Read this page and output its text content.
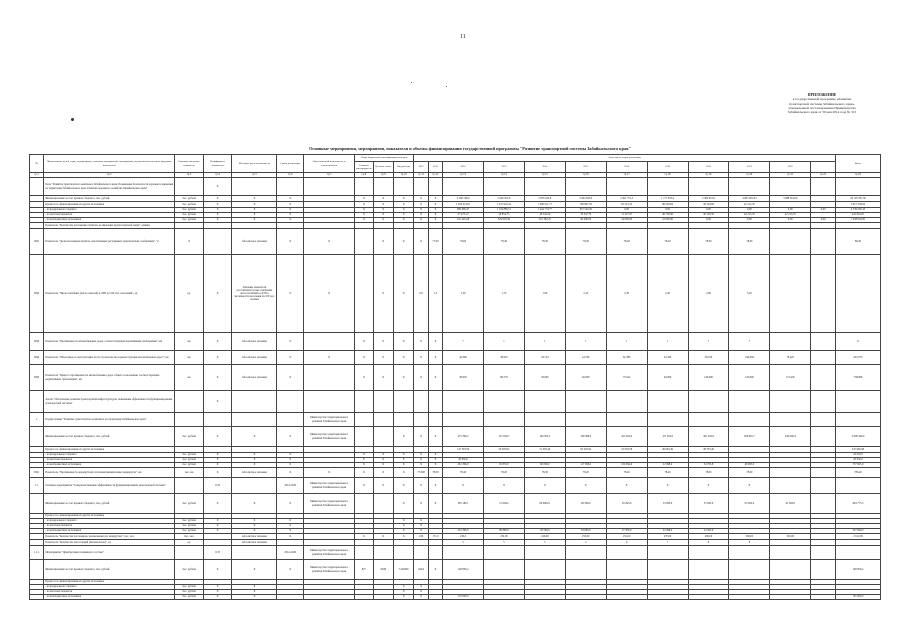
11
ПРИЛОЖЕНИЕ
к государственной программе «Развитие
транспортной системы Забайкальского края»,
утвержденной постановлением Правительства
Забайкальского края от 30 мая 2014 года № 315
Основные мероприятия, мероприятия, показатели и объемы финансирования государственной программы "Развитие транспортной системы Забайкальского края"
№	Наименование целей, задач, подпрограмм, основных мероприятий, мероприятий, ведомственных целевых программ, показателей	Единица измерения показателя	Коэффициент значимости	Методика расчета показателя	Сроки реализации	Ответственный исполнитель и соисполнители	Коды бюджетной классификации расходов			Значения по годам реализации												Итого
							Главный распорядитель	Целевая статья	Вид расхода	2012	2013	2014	2015	2016	2017	2018	2019	2020	2021	2022		
гр.1	гр.2	гр.3	гр.4	гр.5	гр.6	гр.7	гр.8	гр.9	гр.10	гр.11	гр.12	гр.13	гр.14	гр.15	гр.16	гр.17	гр.18	гр.19	гр.20	гр.21	гр.22	гр.23
	Цель "Развитие транспортного комплекса Забайкальского края. Повышение безопасности дорожного движения на территории Забайкальского края. Развитие дорожного хозяйства Забайкальского края"		X																			
	Финансирование за счет краевого бюджета, тыс. рублей	тыс. рублей	X	X	X		X	X	X	X	X	3 166 748,0	5 946 952,8	2 876 443,8	3 494 835,9	2 491 751,3	1 177 833,4	2 309 961,6	4 665 281,63	3 988 814,00		28 118 781,36
	Кроме того, финансирование из других источников	тыс. рублей	X	X	X		X	X	X	X	X	1 044 614,81	1 437 622,24	1 990 611,77	706 897,59	65 221,45	88 249,84	38 144,89	42 215,35			5 817 338,64
	- из федерального бюджета	тыс. рублей	X	X	X		X	X	X	X	X	909 696,47	1 104 886,51	1 444 774,77	672 549,49	0,00	0,00	0,00	0,00	0,00	0,00	4 339 006,18
	- из местных бюджетов	тыс. рублей	X	X	X		X	X	X	X	X	27 473,12	29 854,73	46 544,29	33 347,79	11 217,97	46 739,90	46 159,59	42 215,35	42 215,35		422 824,67
	- из внебюджетных источников	тыс. рублей	X	X	X		X	X	X	X	X	161 445,28	329 918,39	510 382,25	69 400,00	54 000,00	41 000,00	0,00	0,00	0,00	0,00	1 038 002,00
	Показатель "Количество населенных пунктов, не имеющих круглогодичной связи", единиц																					
ПЦ1	Показатель "Доля населенных пунктов, обеспеченных регулярным транспортным сообщением", %	%		Абсолютное значение	X	X		X	X	X	77,00	78,00	78,40	78,30	78,30	78,40	78,40	78,00	78,00			80,40
ПЦ2	Показатель "Число погибших (число смертей) в ДТП на 100 тыс. населения", ед.	ед.	X	Значение показателя рассчитывается как отношение числа погибших в ДТП к численности населения на 100 тыс. человек	X	X		X	X	0,0	1,3	1,30	1,70	1,90	2,10	2,30	2,40	2,90	3,20			
ПЦ3	Показатель "Протяженность автомобильных дорог, соответствующих нормативным требованиям", км	км	X	Абсолютное значение	X		X	X	X	X	X	7	1	1	1	1	1	7	7			11
ПЦ4	Показатель "Объем ввода в эксплуатацию после строительства и реконструкции автомобильных дорог", км	км	X	Абсолютное значение	X	X	X	X	X	X	X	44,396	38,923	43,734	44,790	61,380	22,560	30,250	196,058	76,425		647,076
ПЦ5	Показатель "Прирост протяженности автомобильных дорог общего пользования, соответствующих нормативным требованиям", км	км	X	Абсолютное значение	X		X	X	X	X	X	38,950	86,579	56,905	46,900	75,914	40,000	120,000	120,000	172,430		758,808
	Задача "Обеспечение развития транспортной инфраструктуры, повышения эффективности функционирования транспортной системы"		X																			
1.	Подпрограмма "Развитие транспортного комплекса на территории Забайкальского края"					Министерство территориального развития Забайкальского края																
	Финансирование за счет краевого бюджета, тыс. рублей	тыс. рублей	X	X	X	Министерство территориального развития Забайкальского края			X	X	X	475 399,2	127 026,7	164 365,2	198 386,9	423 204,9	417 204,9	461 204,9	266 945,7	246 048,4		2 608 446,9
	Кроме того, финансирование из других источников											147 303,59	50 093,92	51 093,49	63 293,92	25 093,58	26 093,49	48 793,46				347 960,98
	- из федерального бюджета	тыс. рублей	X	X	X		X	X	X	X	X											26 650,0
	- из местных бюджетов	тыс. рублей	X	X	X		X	X	X	X	X	26 650,0										26 650,0
	- из внебюджетных источников	тыс. рублей	X	X	X		X	X	X	X	X	261 396,0	95 833,0	60 099,0	117 096,0	100 094,6	22 998,0	34 793,8	48 993,6			757 695,9
ПЦ1	Показатель "Протяженность маршрутной сети межмуниципальных маршрутов", км	тыс. км	X	Абсолютное значение	X	X	X	X	X	77,000	78,00	78,40	78,20	78,30	78,20	78,40	78,40	78,00	78,00			780,40
1.1.	Основное мероприятие "Совершенствование эффективности функционирования транспортной системы"		0,33		2014-2020	Министерство территориального развития Забайкальского края	X	X	X	X	X	X	X	X	X	X	X	X	X			
	Финансирование за счет краевого бюджета, тыс. рублей	тыс. рублей	X	X	X	Министерство территориального развития Забайкальского края			X	X	X	385 189,1	51 909,2	69 996,01	48 566,9	45 093,6	53 093,0	55 093,0	65 093,0	45 093,0		664 775,3
	Кроме того, финансирование из других источников																					
	- из федерального бюджета	тыс. рублей	X	X	X				X	X												
	- из местных бюджетов	тыс. рублей	X	X	X				X	X												
	- из внебюджетных источников	тыс. рублей	X	X	X				X	X		261 396,0	89 880,0	20 590,0	93 080,0	27 300,0	22 998,0	24 393,9				547 699,0
	Показатель "Количество пассажиров, перевезенных по маршрутам", тыс. чел.	тыс. чел.		Абсолютное значение	X		X	X	X	169	171,0	230,0	232,00	240,00	250,00	252,00	270,00	290,00	300,00	320,00		2 612,00
	Показатель "Количество автостанций (автовокзалов)", ед.	ед.		Абсолютное значение								5	5	5	5	6	7	8	8			
1.1.1.	Мероприятие "Приобретение подвижного состава"		0,33		2014-2020	Министерство территориального развития Забайкальского края																
	Финансирование за счет краевого бюджета, тыс. рублей	тыс. рублей	X	X	X	Министерство территориального развития Забайкальского края	827	0408	5124900	244,0	X	148 856,4										148 856,4
	Кроме того, финансирование из других источников																					
	- из федерального бюджета	тыс. рублей	X	X					X	X												
	- из местных бюджетов	тыс. рублей	X	X					X	X												
	- из внебюджетных источников	тыс. рублей	X	X					X	X		135 000,0										135 000,0
